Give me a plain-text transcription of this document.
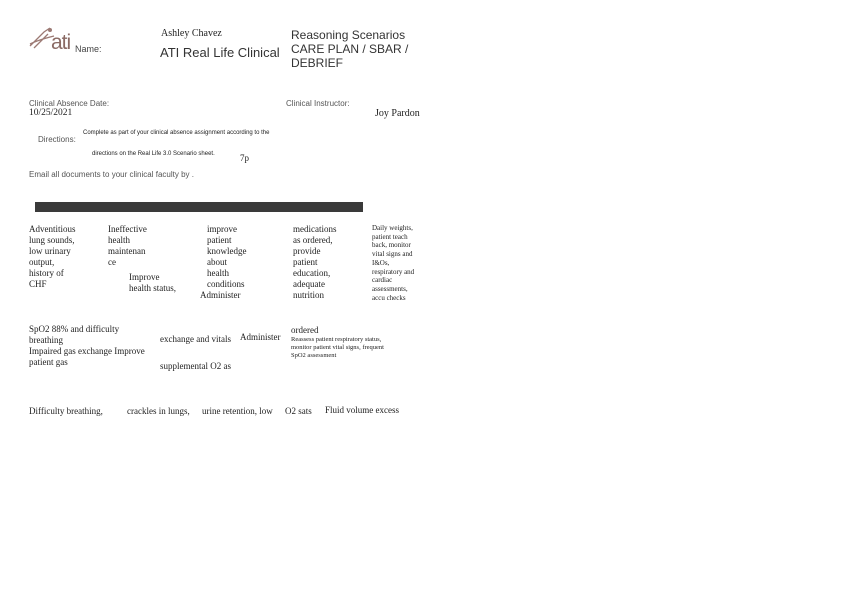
ati Name:
Ashley Chavez
ATI Real Life Clinical
Reasoning Scenarios
CARE PLAN / SBAR /
DEBRIEF
Clinical Absence Date:
10/25/2021
Clinical Instructor:
Joy Pardon
Directions:
Complete as part of your clinical absence assignment according to the
directions on the Real Life 3.0 Scenario sheet.	7p
Email all documents to your clinical faculty by .
Adventitious
lung sounds,
low urinary
output,
history of
CHF
Ineffective
health
maintenan
ce
Improve
health status,
improve
patient
knowledge
about
health
conditions
Administer
medications
as ordered,
provide
patient
education,
adequate
nutrition
Daily weights,
patient teach
back, monitor
vital signs and
I&Os,
respiratory and
cardiac
assessments,
accu checks
SpO2 88% and difficulty
breathing
Impaired gas exchange Improve
patient gas
exchange and vitals Administer
supplemental O2 as
ordered
Reassess patient respiratory status,
monitor patient vital signs, frequent
SpO2 assessment
Difficulty breathing,	crackles in lungs, urine retention, low O2 sats Fluid volume excess
